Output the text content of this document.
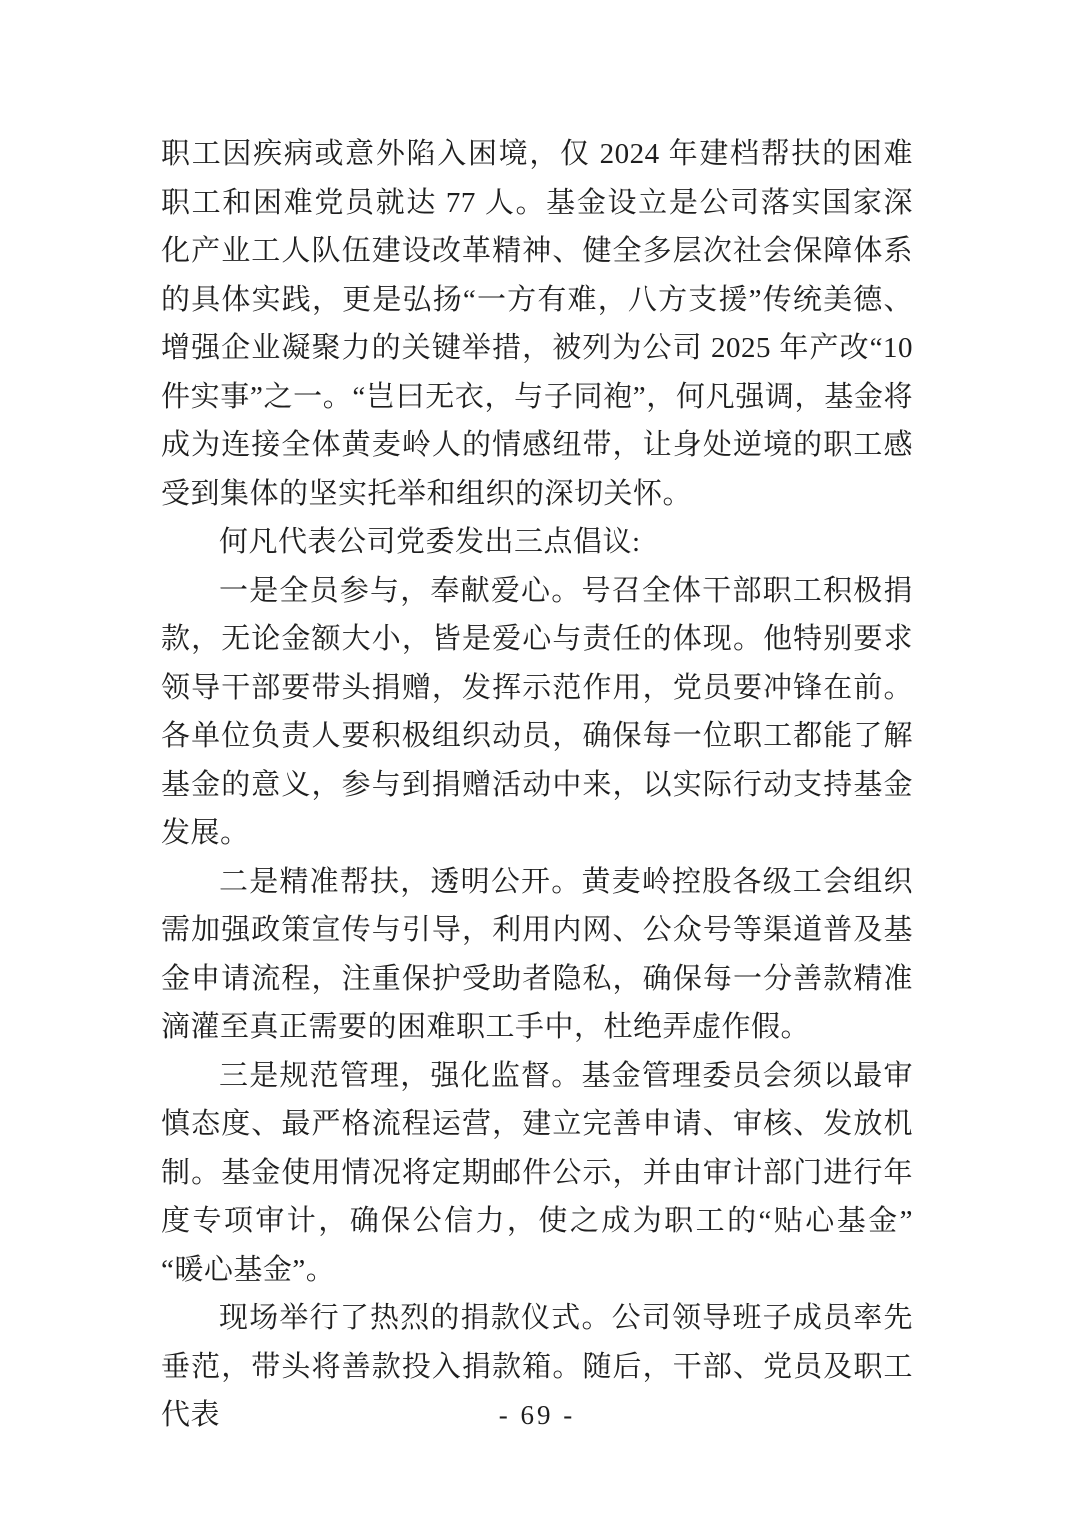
职工因疾病或意外陷入困境，仅 2024 年建档帮扶的困难职工和困难党员就达 77 人。基金设立是公司落实国家深化产业工人队伍建设改革精神、健全多层次社会保障体系的具体实践，更是弘扬“一方有难，八方支援”传统美德、增强企业凝聚力的关键举措，被列为公司 2025 年产改“10 件实事”之一。“岂曰无衣，与子同袍”，何凡强调，基金将成为连接全体黄麦岭人的情感纽带，让身处逆境的职工感受到集体的坚实托举和组织的深切关怀。

何凡代表公司党委发出三点倡议:

一是全员参与，奉献爱心。号召全体干部职工积极捐款，无论金额大小，皆是爱心与责任的体现。他特别要求领导干部要带头捐赠，发挥示范作用，党员要冲锋在前。各单位负责人要积极组织动员，确保每一位职工都能了解基金的意义，参与到捐赠活动中来，以实际行动支持基金发展。

二是精准帮扶，透明公开。黄麦岭控股各级工会组织需加强政策宣传与引导，利用内网、公众号等渠道普及基金申请流程，注重保护受助者隐私，确保每一分善款精准滴灌至真正需要的困难职工手中，杜绝弄虚作假。

三是规范管理，强化监督。基金管理委员会须以最审慎态度、最严格流程运营，建立完善申请、审核、发放机制。基金使用情况将定期邮件公示，并由审计部门进行年度专项审计，确保公信力，使之成为职工的“贴心基金” “暖心基金”。

现场举行了热烈的捐款仪式。公司领导班子成员率先垂范，带头将善款投入捐款箱。随后，干部、党员及职工代表	- 69 -
